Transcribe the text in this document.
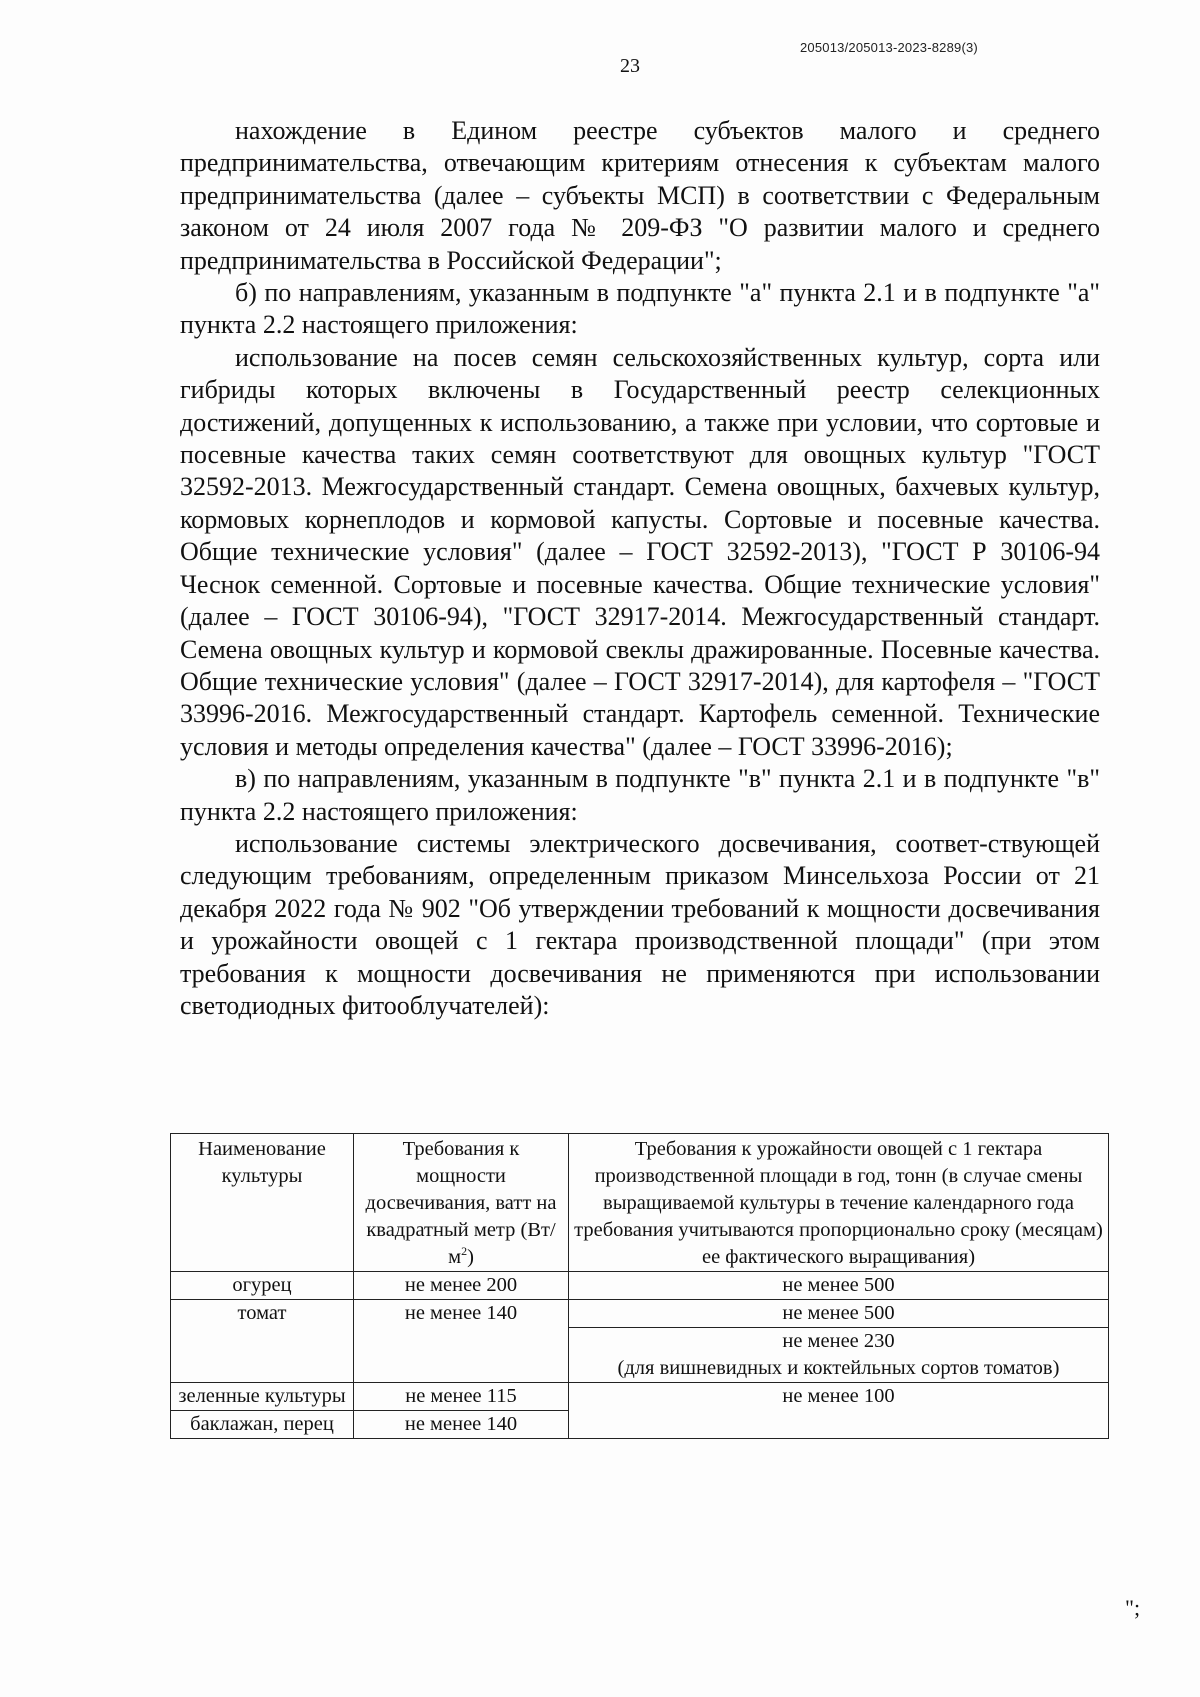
205013/205013-2023-8289(3)
23

нахождение в Едином реестре субъектов малого и среднего предпринимательства, отвечающим критериям отнесения к субъектам малого предпринимательства (далее – субъекты МСП) в соответствии с Федеральным законом от 24 июля 2007 года № 209-ФЗ "О развитии малого и среднего предпринимательства в Российской Федерации";

б) по направлениям, указанным в подпункте "а" пункта 2.1 и в подпункте "а" пункта 2.2 настоящего приложения:

использование на посев семян сельскохозяйственных культур, сорта или гибриды которых включены в Государственный реестр селекционных достижений, допущенных к использованию, а также при условии, что сортовые и посевные качества таких семян соответствуют для овощных культур "ГОСТ 32592-2013. Межгосударственный стандарт. Семена овощных, бахчевых культур, кормовых корнеплодов и кормовой капусты. Сортовые и посевные качества. Общие технические условия" (далее – ГОСТ 32592-2013), "ГОСТ Р 30106-94 Чеснок семенной. Сортовые и посевные качества. Общие технические условия" (далее – ГОСТ 30106-94), "ГОСТ 32917-2014. Межгосударственный стандарт. Семена овощных культур и кормовой свеклы дражированные. Посевные качества. Общие технические условия" (далее – ГОСТ 32917-2014), для картофеля – "ГОСТ 33996-2016. Межгосударственный стандарт. Картофель семенной. Технические условия и методы определения качества" (далее – ГОСТ 33996-2016);

в) по направлениям, указанным в подпункте "в" пункта 2.1 и в подпункте "в" пункта 2.2 настоящего приложения:

использование системы электрического досвечивания, соответ-ствующей следующим требованиям, определенным приказом Минсельхоза России от 21 декабря 2022 года № 902 "Об утверждении требований к мощности досвечивания и урожайности овощей с 1 гектара производственной площади" (при этом требования к мощности досвечивания не применяются при использовании светодиодных фитооблучателей):

Наименование культуры	Требования к мощности досвечивания, ватт на квадратный метр $(Вт/м^2)$	Требования к урожайности овощей с 1 гектара производственной площади в год, тонн (в случае смены выращиваемой культуры в течение календарного года требования учитываются пропорционально сроку (месяцам) ее фактического выращивания)
огурец	не менее 200	не менее 500
томат	не менее 140	не менее 500

		не менее 230
(для вишневидных и коктейльных сортов томатов)

зеленные культуры	не менее 115	не менее 100
баклажан, перец	не менее 140	
";
